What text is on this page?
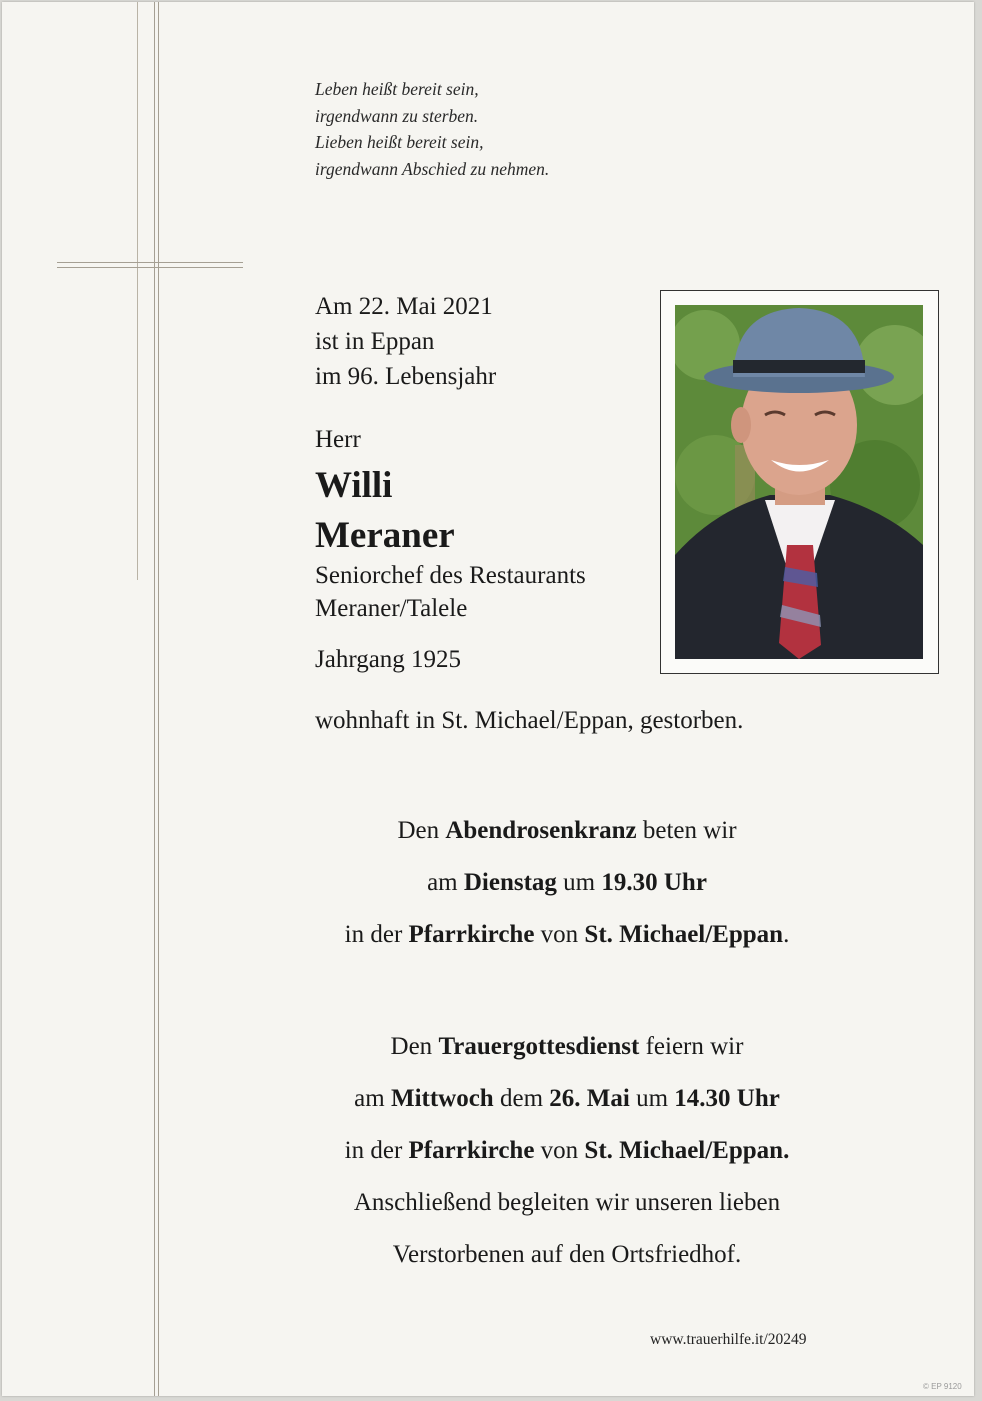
Leben heißt bereit sein,
irgendwann zu sterben.
Lieben heißt bereit sein,
irgendwann Abschied zu nehmen.
Am 22. Mai 2021
ist in Eppan
im 96. Lebensjahr
Herr
Willi
Meraner
Seniorchef des Restaurants
Meraner/Talele
Jahrgang 1925
wohnhaft in St. Michael/Eppan, gestorben.
Den Abendrosenkranz beten wir
am Dienstag um 19.30 Uhr
in der Pfarrkirche von St. Michael/Eppan.
Den Trauergottesdienst feiern wir
am Mittwoch dem 26. Mai um 14.30 Uhr
in der Pfarrkirche von St. Michael/Eppan.
Anschließend begleiten wir unseren lieben
Verstorbenen auf den Ortsfriedhof.
www.trauerhilfe.it/20249
© EP 9120
